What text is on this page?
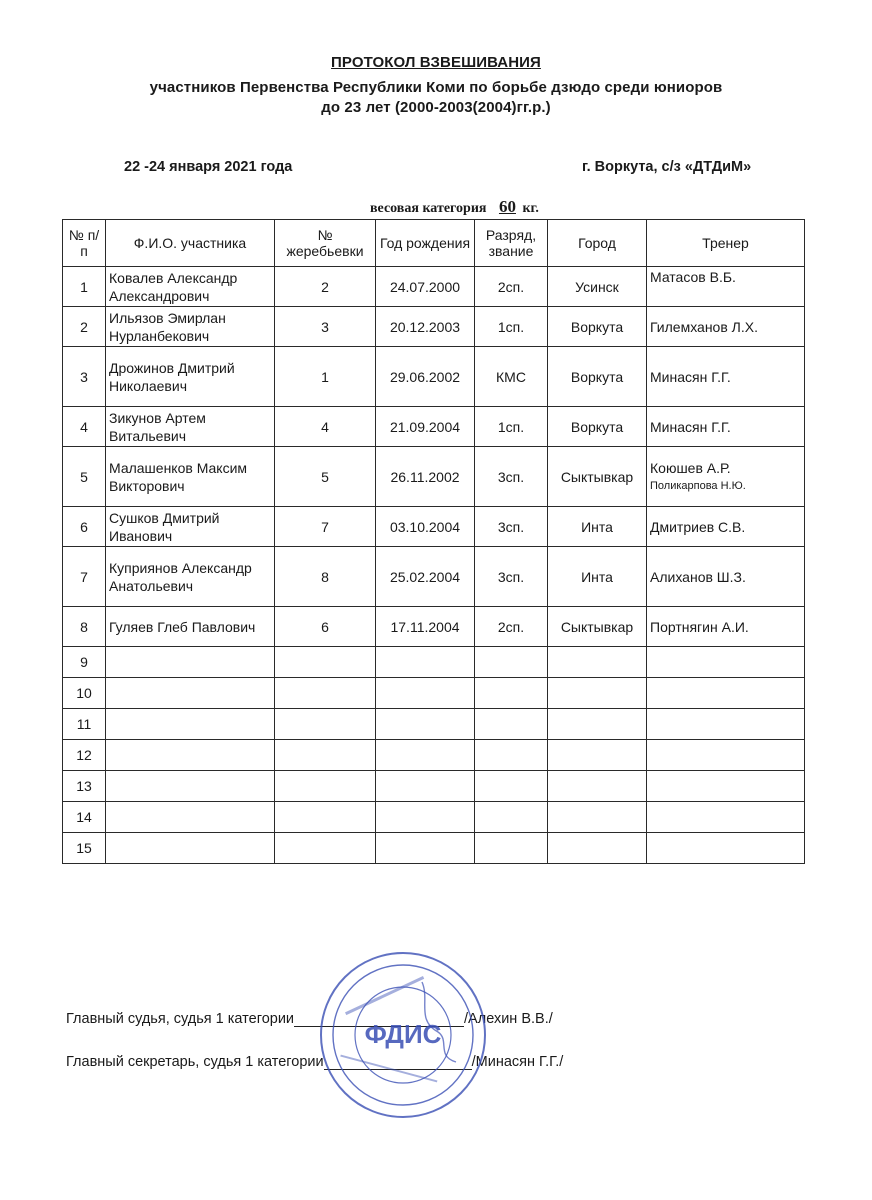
ПРОТОКОЛ ВЗВЕШИВАНИЯ
участников Первенства Республики Коми по борьбе дзюдо среди юниоров
до 23 лет (2000-2003(2004)гг.р.)
22 -24 января 2021 года	г. Воркута, с/з «ДТДиМ»
весовая категория 60 кг.
№ п/п	Ф.И.О. участника	№ жеребьевки	Год рождения	Разряд, звание	Город	Тренер
1	Ковалев Александр Александрович	2	24.07.2000	2сп.	Усинск	Матасов В.Б.

2	Ильязов Эмирлан Нурланбекович	3	20.12.2003	1сп.	Воркута	Гилемханов Л.Х.

3	Дрожинов Дмитрий Николаевич	1	29.06.2002	КМС	Воркута	Минасян Г.Г.

4	Зикунов Артем Витальевич	4	21.09.2004	1сп.	Воркута	Минасян Г.Г.

5	Малашенков Максим Викторович	5	26.11.2002	3сп.	Сыктывкар	Коюшев А.Р.
Поликарпова Н.Ю.

6	Сушков Дмитрий Иванович	7	03.10.2004	3сп.	Инта	Дмитриев С.В.

7	Куприянов Александр Анатольевич	8	25.02.2004	3сп.	Инта	Алиханов Ш.З.

8	Гуляев Глеб Павлович	6	17.11.2004	2сп.	Сыктывкар	Портнягин А.И.

9						
10						
11						
12						
13						
14						
15						
Главный судья, судья 1 категории	/Алехин В.В./
Главный секретарь, судья 1 категории	/Минасян Г.Г./
ФДИС
